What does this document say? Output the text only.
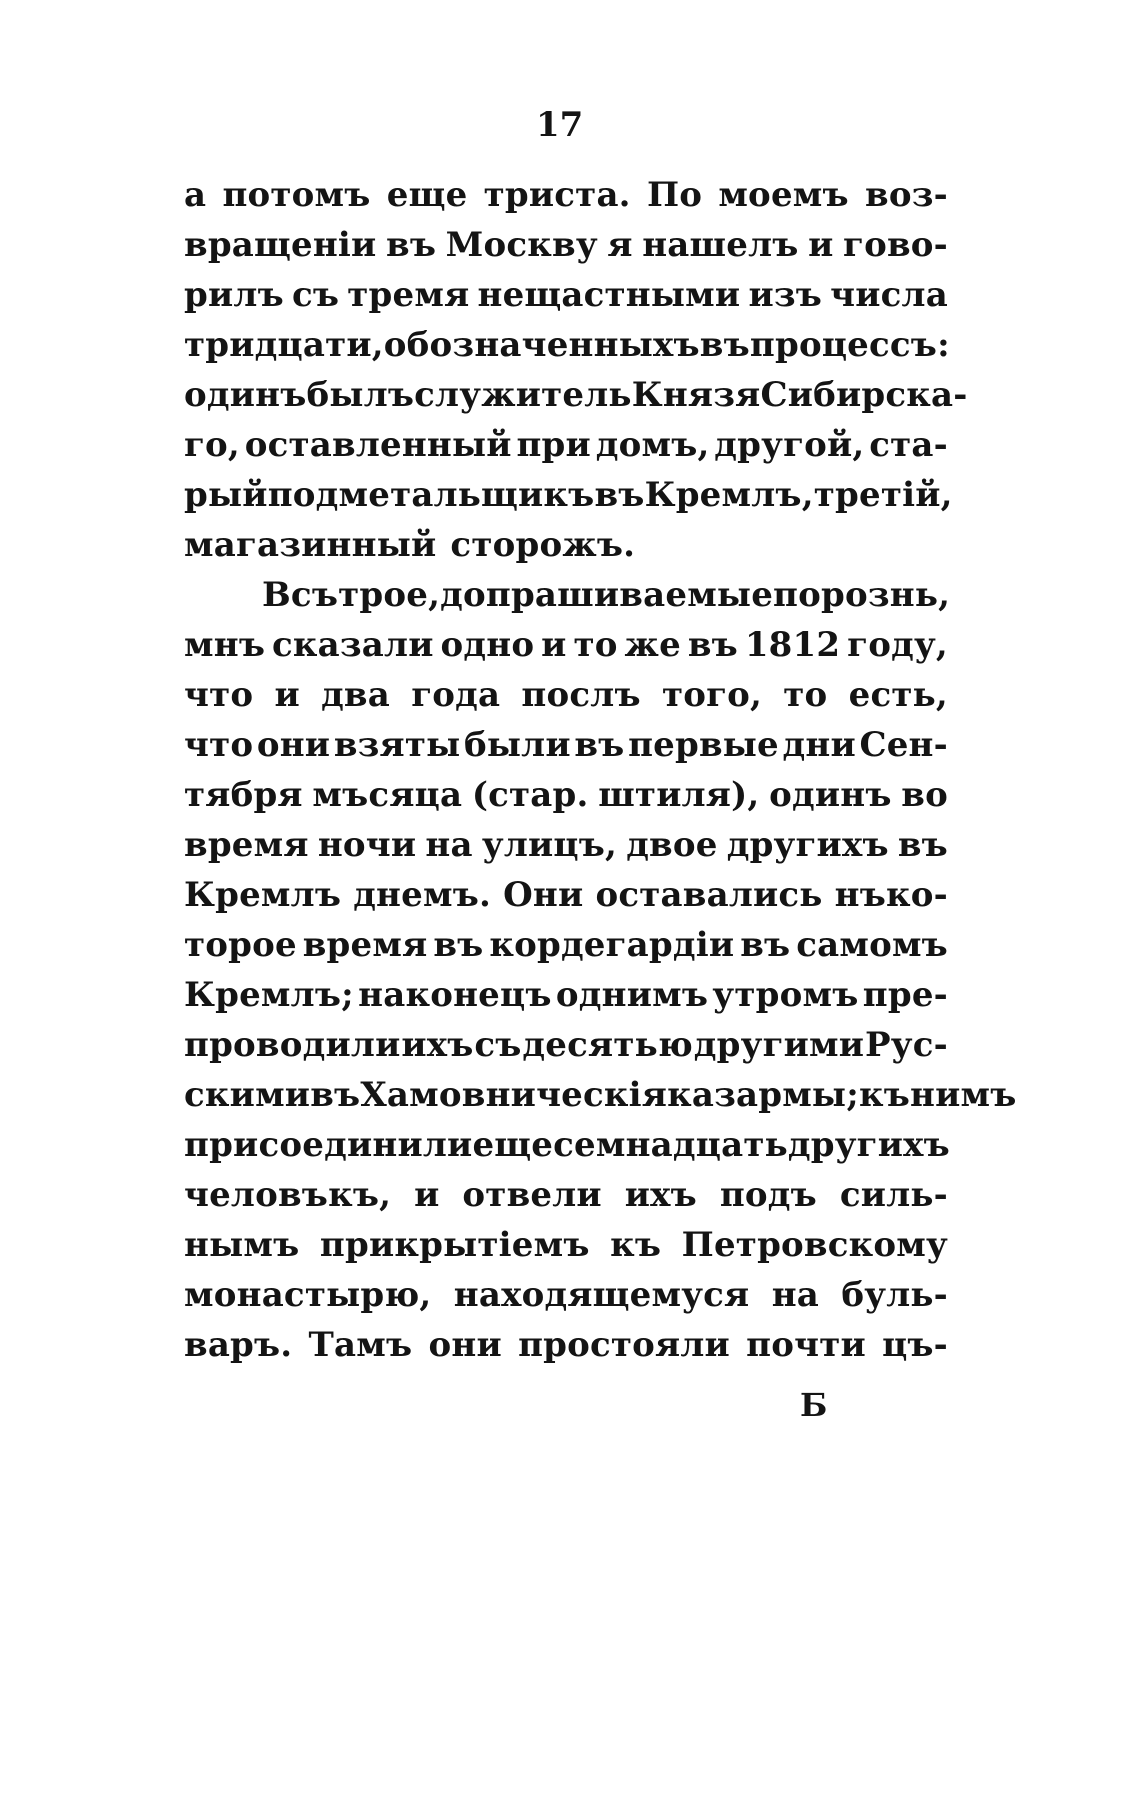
17
а потомъ еще триста. По моемъ воз-
вращенiи въ Москву я нашелъ и гово-
рилъ съ тремя нещастными изъ числа
тридцати, обозначенныхъ въ процессъ:
одинъ былъ служитель Князя Сибирска-
го, оставленный при домъ, другой, ста-
рый подметальщикъ въ Кремлъ, третiй,
магазинный сторожъ.
Всъ трое, допрашиваемые порознь,
мнъ сказали одно и то же въ 1812 году,
что и два года послъ того, то есть,
что они взяты были въ первые дни Сен-
тября мъсяца (стар. штиля), одинъ во
время ночи на улицъ, двое другихъ въ
Кремлъ днемъ. Они оставались нъко-
торое время въ кордегардiи въ самомъ
Кремлъ; наконецъ однимъ утромъ пре-
проводили ихъ съ десятью другими Рус-
скими въ Хамовническiя казармы; къ нимъ
присоединили еще семнадцать другихъ
человъкъ, и отвели ихъ подъ силь-
нымъ прикрытiемъ къ Петровскому
монастырю, находящемуся на буль-
варъ. Тамъ они простояли почти цъ-
Б
